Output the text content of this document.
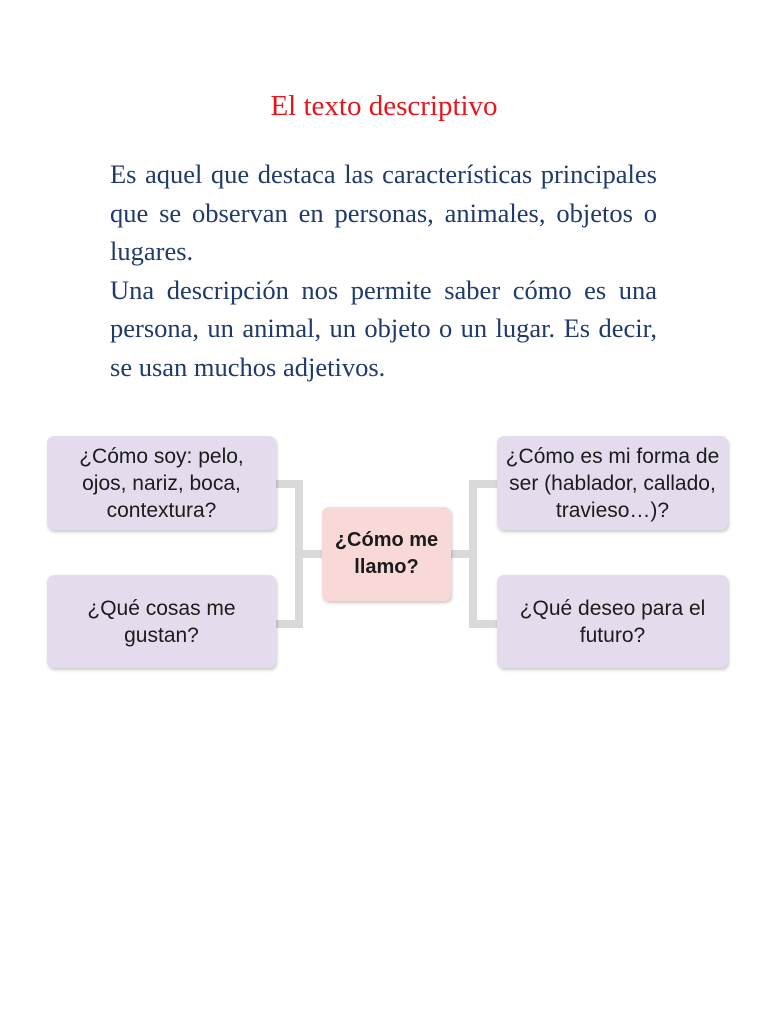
El texto descriptivo

Es aquel que destaca las características principales que se observan en personas, animales, objetos o lugares.

Una descripción nos permite saber cómo es una persona, un animal, un objeto o un lugar. Es decir, se usan muchos adjetivos.

¿Cómo soy: pelo, ojos, nariz, boca, contextura?
¿Qué cosas me gustan?
¿Cómo me llamo?
¿Cómo es mi forma de ser (hablador, callado, travieso…)?
¿Qué deseo para el futuro?
